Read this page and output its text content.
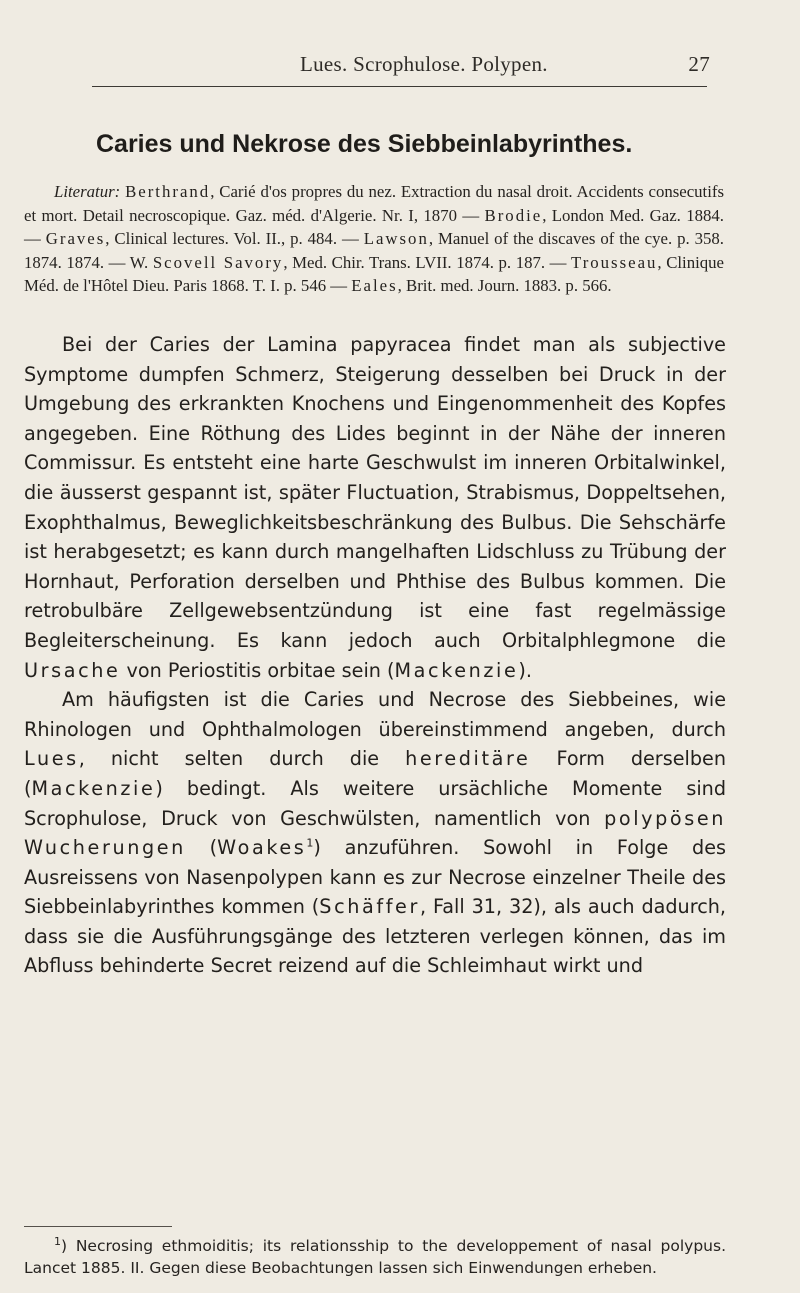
Lues. Scrophulose. Polypen.	27
Caries und Nekrose des Siebbeinlabyrinthes.
Literatur: Berthrand, Carié d'os propres du nez. Extraction du nasal droit. Accidents consecutifs et mort. Detail necroscopique. Gaz. méd. d'Algerie. Nr. I, 1870 — Brodie, London Med. Gaz. 1884. — Graves, Clinical lectures. Vol. II., p. 484. — Lawson, Manuel of the discaves of the cye. p. 358. 1874. 1874. — W. Scovell Savory, Med. Chir. Trans. LVII. 1874. p. 187. — Trousseau, Clinique Méd. de l'Hôtel Dieu. Paris 1868. T. I. p. 546 — Eales, Brit. med. Journ. 1883. p. 566.

Bei der Caries der Lamina papyracea findet man als subjective Symptome dumpfen Schmerz, Steigerung desselben bei Druck in der Umgebung des erkrankten Knochens und Eingenommenheit des Kopfes angegeben. Eine Röthung des Lides beginnt in der Nähe der inneren Commissur. Es entsteht eine harte Geschwulst im inneren Orbitalwinkel, die äusserst gespannt ist, später Fluctuation, Strabismus, Doppeltsehen, Exophthalmus, Beweglichkeitsbeschränkung des Bulbus. Die Sehschärfe ist herabgesetzt; es kann durch mangelhaften Lidschluss zu Trübung der Hornhaut, Perforation derselben und Phthise des Bulbus kommen. Die retrobulbäre Zellgewebsentzündung ist eine fast regelmässige Begleiterscheinung. Es kann jedoch auch Orbitalphlegmone die Ursache von Periostitis orbitae sein (Mackenzie).

Am häufigsten ist die Caries und Necrose des Siebbeines, wie Rhinologen und Ophthalmologen übereinstimmend angeben, durch Lues, nicht selten durch die hereditäre Form derselben (Mackenzie) bedingt. Als weitere ursächliche Momente sind Scrophulose, Druck von Geschwülsten, namentlich von polypösen Wucherungen (Woakes$^1$) anzuführen. Sowohl in Folge des Ausreissens von Nasenpolypen kann es zur Necrose einzelner Theile des Siebbeinlabyrinthes kommen (Schäffer, Fall 31, 32), als auch dadurch, dass sie die Ausführungsgänge des letzteren verlegen können, das im Abfluss behinderte Secret reizend auf die Schleimhaut wirkt und

$^1$) Necrosing ethmoiditis; its relationsship to the developpement of nasal polypus. Lancet 1885. II. Gegen diese Beobachtungen lassen sich Einwendungen erheben.
